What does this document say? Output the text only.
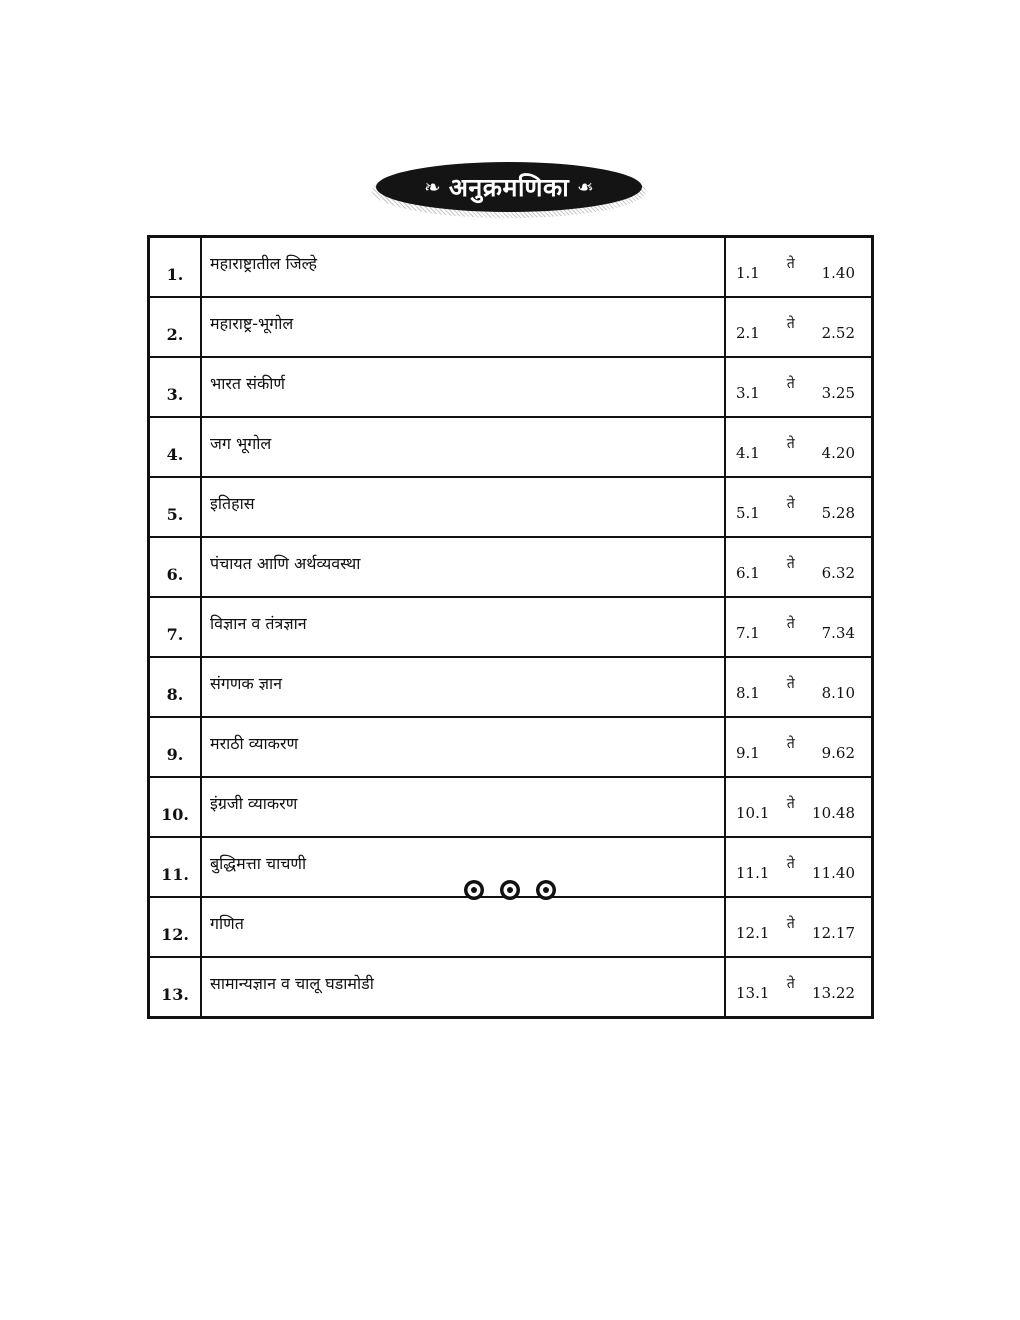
❧ अनुक्रमणिका ❧
1.	महाराष्ट्रातील जिल्हे	1.1 ते 1.40

2.	महाराष्ट्र-भूगोल	2.1 ते 2.52

3.	भारत संकीर्ण	3.1 ते 3.25

4.	जग भूगोल	4.1 ते 4.20

5.	इतिहास	5.1 ते 5.28

6.	पंचायत आणि अर्थव्यवस्था	6.1 ते 6.32

7.	विज्ञान व तंत्रज्ञान	7.1 ते 7.34

8.	संगणक ज्ञान	8.1 ते 8.10

9.	मराठी व्याकरण	9.1 ते 9.62

10.	इंग्रजी व्याकरण	10.1 ते 10.48

11.	बुद्धिमत्ता चाचणी	11.1 ते 11.40

12.	गणित	12.1 ते 12.17

13.	सामान्यज्ञान व चालू घडामोडी	13.1 ते 13.22
